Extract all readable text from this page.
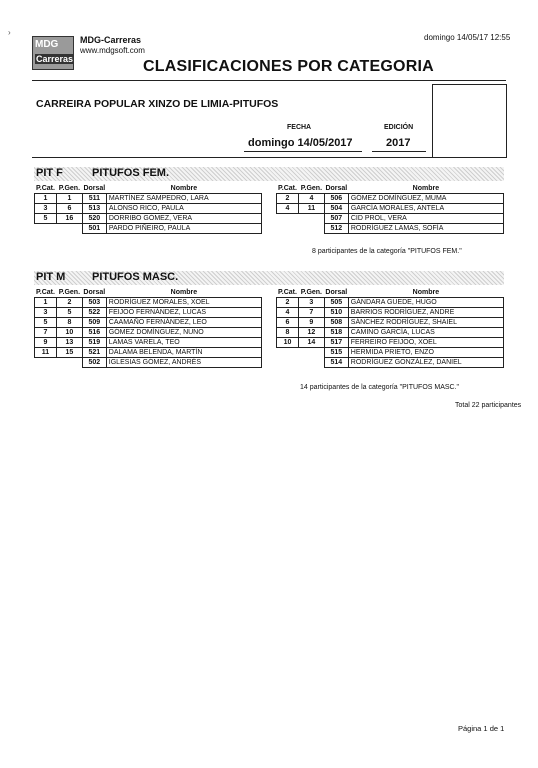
›
MDG
Carreras
MDG-Carreras
www.mdgsoft.com
domingo 14/05/17 12:55
CLASIFICACIONES POR CATEGORIA
CARREIRA POPULAR XINZO DE LIMIA-PITUFOS
FECHA	EDICIÓN
domingo 14/05/2017	2017
PIT F	PITUFOS FEM.
P.Cat.	P.Gen.	Dorsal	Nombre
1	1	511	MARTÍNEZ SAMPEDRO, LARA
3	6	513	ALONSO RICO, PAULA
5	16	520	DORRIBO GÓMEZ, VERA
		501	PARDO PIÑEIRO, PAULA
P.Cat.	P.Gen.	Dorsal	Nombre
2	4	506	GÓMEZ DOMÍNGUEZ, MUMA
4	11	504	GARCÍA MORALES, ANTELA
		507	CID PROL, VERA
		512	RODRÍGUEZ LAMAS, SOFÍA
8 participantes de la categoría "PITUFOS FEM."
PIT M PITUFOS MASC.
P.Cat.	P.Gen.	Dorsal	Nombre
1	2	503	RODRÍGUEZ MORALES, XOEL
3	5	522	FEIJOO FERNÁNDEZ, LUCAS
5	8	509	CAAMAÑO FERNÁNDEZ, LEO
7	10	516	GÓMEZ DOMÍNGUEZ, NUNO
9	13	519	LAMAS VARELA, TEO
11	15	521	DALAMA BELENDA, MARTÍN
		502	IGLESIAS GÓMEZ, ANDRÉS
P.Cat.	P.Gen.	Dorsal	Nombre
2	3	505	GÁNDARA GUEDE, HUGO
4	7	510	BARRIOS RODRÍGUEZ, ANDRE
6	9	508	SÁNCHEZ RODRÍGUEZ, SHAIEL
8	12	518	CAMINO GARCÍA, LUCAS
10	14	517	FERREIRO FEIJOO, XOEL
		515	HERMIDA PRIETO, ENZO
		514	RODRÍGUEZ GONZÁLEZ, DANIEL
14 participantes de la categoría "PITUFOS MASC."
Total 22 participantes
Página 1 de 1
